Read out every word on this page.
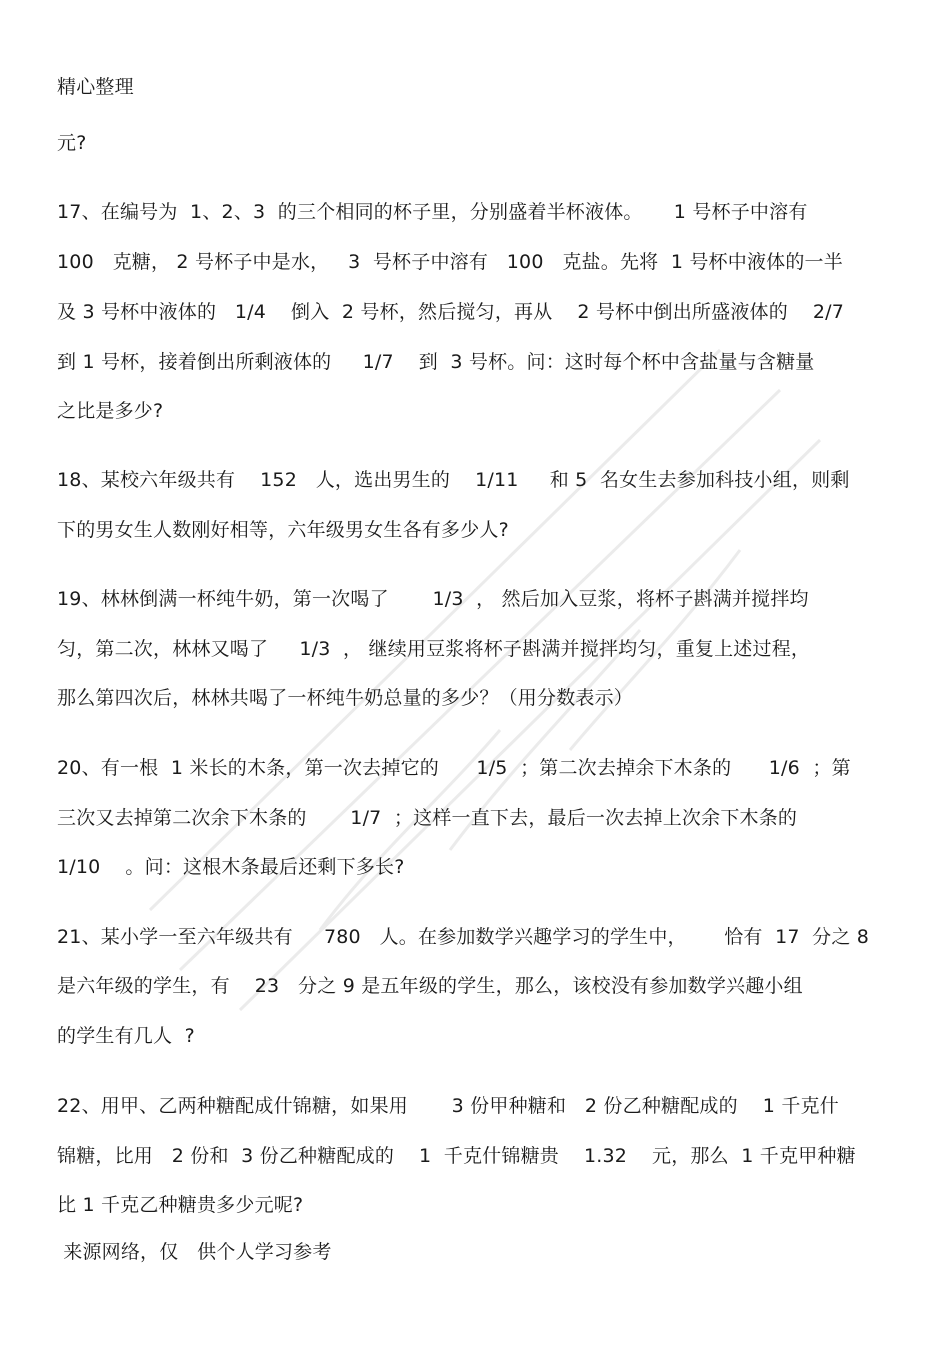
精心整理
元?
17、在编号为  1、2、3  的三个相同的杯子里，分别盛着半杯液体。     1 号杯子中溶有
100   克糖， 2 号杯子中是水，   3  号杯子中溶有   100   克盐。先将  1 号杯中液体的一半
及 3 号杯中液体的   1/4    倒入  2 号杯，然后搅匀，再从    2 号杯中倒出所盛液体的    2/7
到 1 号杯，接着倒出所剩液体的     1/7    到  3 号杯。问：这时每个杯中含盐量与含糖量
之比是多少?
18、某校六年级共有    152   人，选出男生的    1/11     和 5  名女生去参加科技小组，则剩
下的男女生人数刚好相等，六年级男女生各有多少人?
19、林林倒满一杯纯牛奶，第一次喝了       1/3  ， 然后加入豆浆，将杯子斟满并搅拌均
匀，第二次，林林又喝了     1/3  ， 继续用豆浆将杯子斟满并搅拌均匀，重复上述过程，
那么第四次后，林林共喝了一杯纯牛奶总量的多少？（用分数表示）
20、有一根  1 米长的木条，第一次去掉它的      1/5  ；第二次去掉余下木条的      1/6  ；第
三次又去掉第二次余下木条的       1/7  ；这样一直下去，最后一次去掉上次余下木条的
1/10    。问：这根木条最后还剩下多长?
21、某小学一至六年级共有     780   人。在参加数学兴趣学习的学生中，      恰有  17  分之 8
是六年级的学生，有    23   分之 9 是五年级的学生，那么，该校没有参加数学兴趣小组
的学生有几人  ?
22、用甲、乙两种糖配成什锦糖，如果用       3 份甲种糖和   2 份乙种糖配成的    1 千克什
锦糖，比用   2 份和  3 份乙种糖配成的    1  千克什锦糖贵    1.32    元，那么  1 千克甲种糖
比 1 千克乙种糖贵多少元呢?
来源网络，仅   供个人学习参考
